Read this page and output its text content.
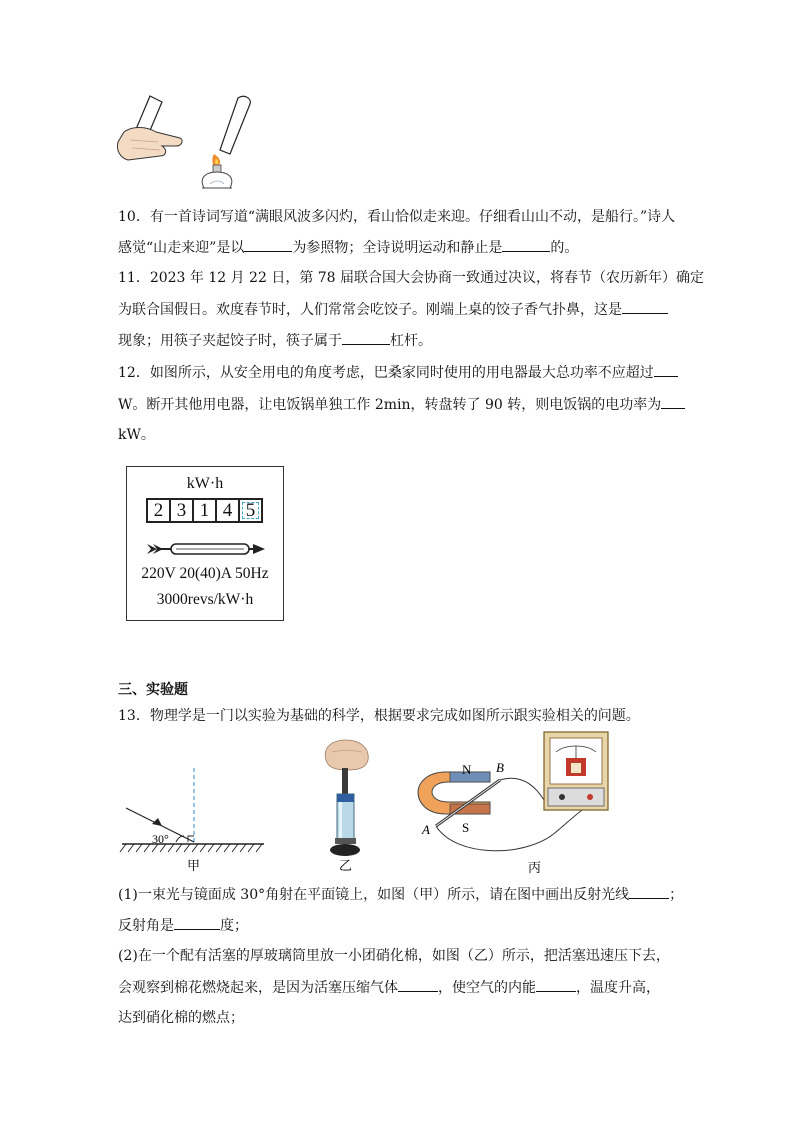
10．有一首诗词写道“满眼风波多闪灼，看山恰似走来迎。仔细看山山不动，是船行。”诗人
感觉“山走来迎”是以	为参照物；全诗说明运动和静止是	的。
11．2023 年 12 月 22 日，第 78 届联合国大会协商一致通过决议，将春节（农历新年）确定
为联合国假日。欢度春节时，人们常常会吃饺子。刚端上桌的饺子香气扑鼻，这是
现象；用筷子夹起饺子时，筷子属于	杠杆。
12．如图所示，从安全用电的角度考虑，巴桑家同时使用的用电器最大总功率不应超过
W。断开其他用电器，让电饭锅单独工作 2min，转盘转了 90 转，则电饭锅的电功率为
kW。
kW·h
2 3 1 4 5
220V 20(40)A 50Hz
3000revs/kW·h
三、实验题
13．物理学是一门以实验为基础的科学，根据要求完成如图所示跟实验相关的问题。
30°
甲	乙
N
S
A
B
丙
(1)一束光与镜面成 30°角射在平面镜上，如图（甲）所示，请在图中画出反射光线	；
反射角是	度；
(2)在一个配有活塞的厚玻璃筒里放一小团硝化棉，如图（乙）所示，把活塞迅速压下去，
会观察到棉花燃烧起来，是因为活塞压缩气体	，使空气的内能	，温度升高，
达到硝化棉的燃点；
